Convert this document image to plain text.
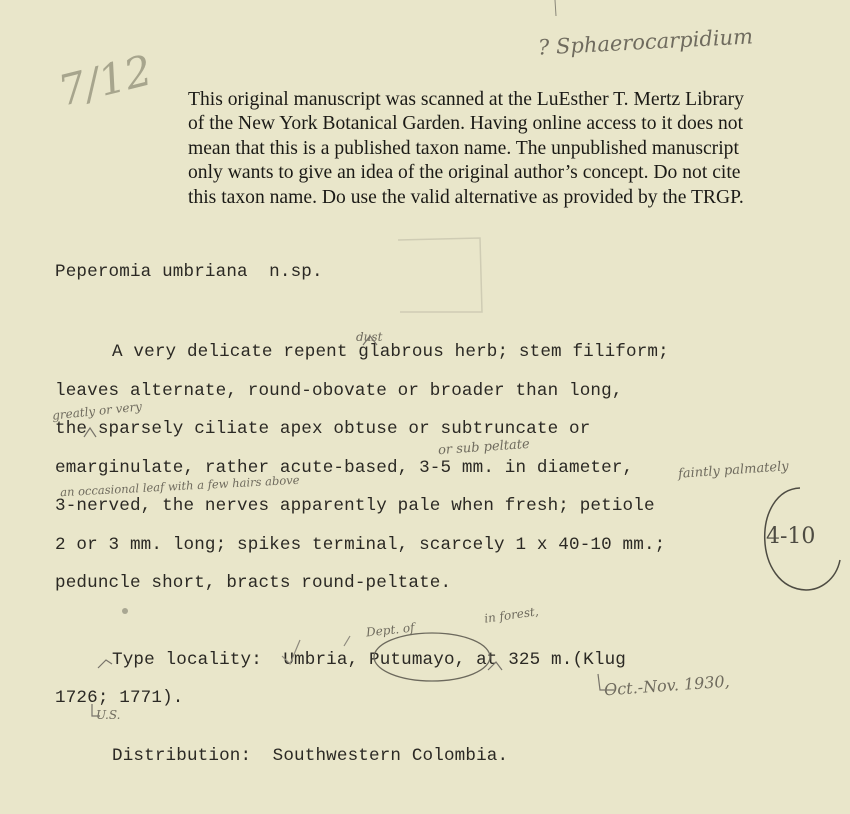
This original manuscript was scanned at the LuEsther T. Mertz Library
of the New York Botanical Garden. Having online access to it does not
mean that this is a published taxon name. The unpublished manuscript
only wants to give an idea of the original author’s concept. Do not cite
this taxon name. Do use the valid alternative as provided by the TRGP.
Peperomia umbriana  n.sp.
A very delicate repent glabrous herb; stem filiform;
leaves alternate, round-obovate or broader than long,
the sparsely ciliate apex obtuse or subtruncate or
emarginulate, rather acute-based, 3-5 mm. in diameter,
3-nerved, the nerves apparently pale when fresh; petiole
2 or 3 mm. long; spikes terminal, scarcely 1 x 40-10 mm.;
peduncle short, bracts round-peltate.
Type locality:  Umbria, Putumayo, at 325 m.(Klug
1726; 1771).
Distribution:  Southwestern Colombia.
? Sphaerocarpidium
7/12
dust
greatly or very
or sub peltate
faintly palmately
an occasional leaf with a few hairs above
4-10
Dept. of
in forest,
Oct.-Nov. 1930,
U.S.
